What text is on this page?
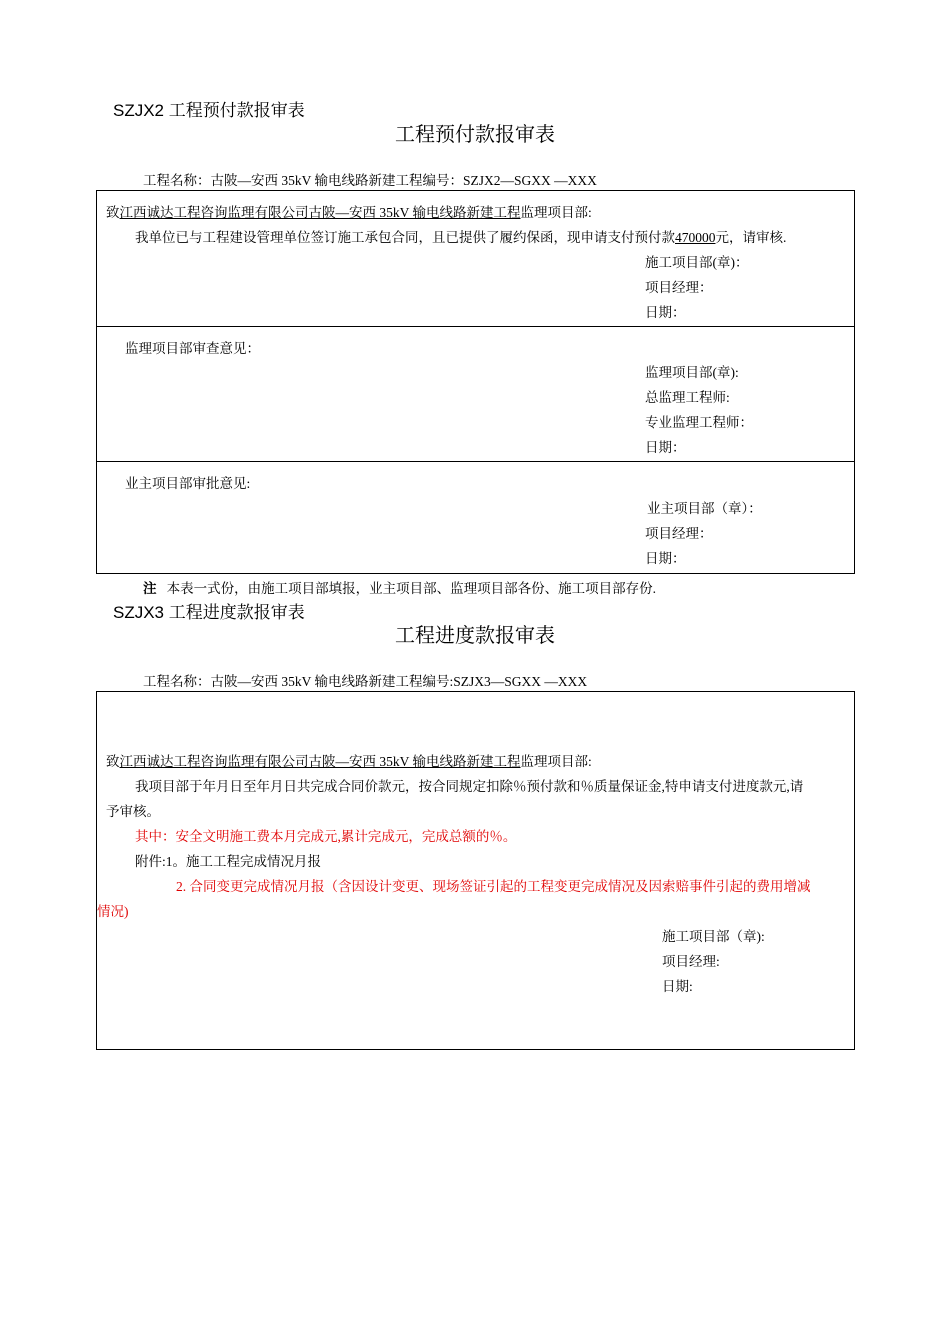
SZJX2 工程预付款报审表
工程预付款报审表
工程名称：古陂—安西 35kV 输电线路新建工程编号：SZJX2—SGXX —XXX
致江西诚达工程咨询监理有限公司古陂—安西 35kV 输电线路新建工程监理项目部:
我单位已与工程建设管理单位签订施工承包合同，且已提供了履约保函，现申请支付预付款470000元，请审核.
施工项目部(章)：
项目经理：
日期：
监理项目部审查意见：
监理项目部(章):
总监理工程师:
专业监理工程师：
日期：
业主项目部审批意见:
业主项目部（章）：
项目经理：
日期：
注 本表一式份，由施工项目部填报，业主项目部、监理项目部各份、施工项目部存份.
SZJX3 工程进度款报审表
工程进度款报审表
工程名称：古陂—安西 35kV 输电线路新建工程编号:SZJX3—SGXX —XXX
致江西诚达工程咨询监理有限公司古陂—安西 35kV 输电线路新建工程监理项目部:
我项目部于年月日至年月日共完成合同价款元，按合同规定扣除％预付款和％质量保证金,特申请支付进度款元,请
予审核。
其中：安全文明施工费本月完成元,累计完成元，完成总额的％。
附件:1。施工工程完成情况月报
2. 合同变更完成情况月报（含因设计变更、现场签证引起的工程变更完成情况及因索赔事件引起的费用增减
情况)
施工项目部（章):
项目经理:
日期:
